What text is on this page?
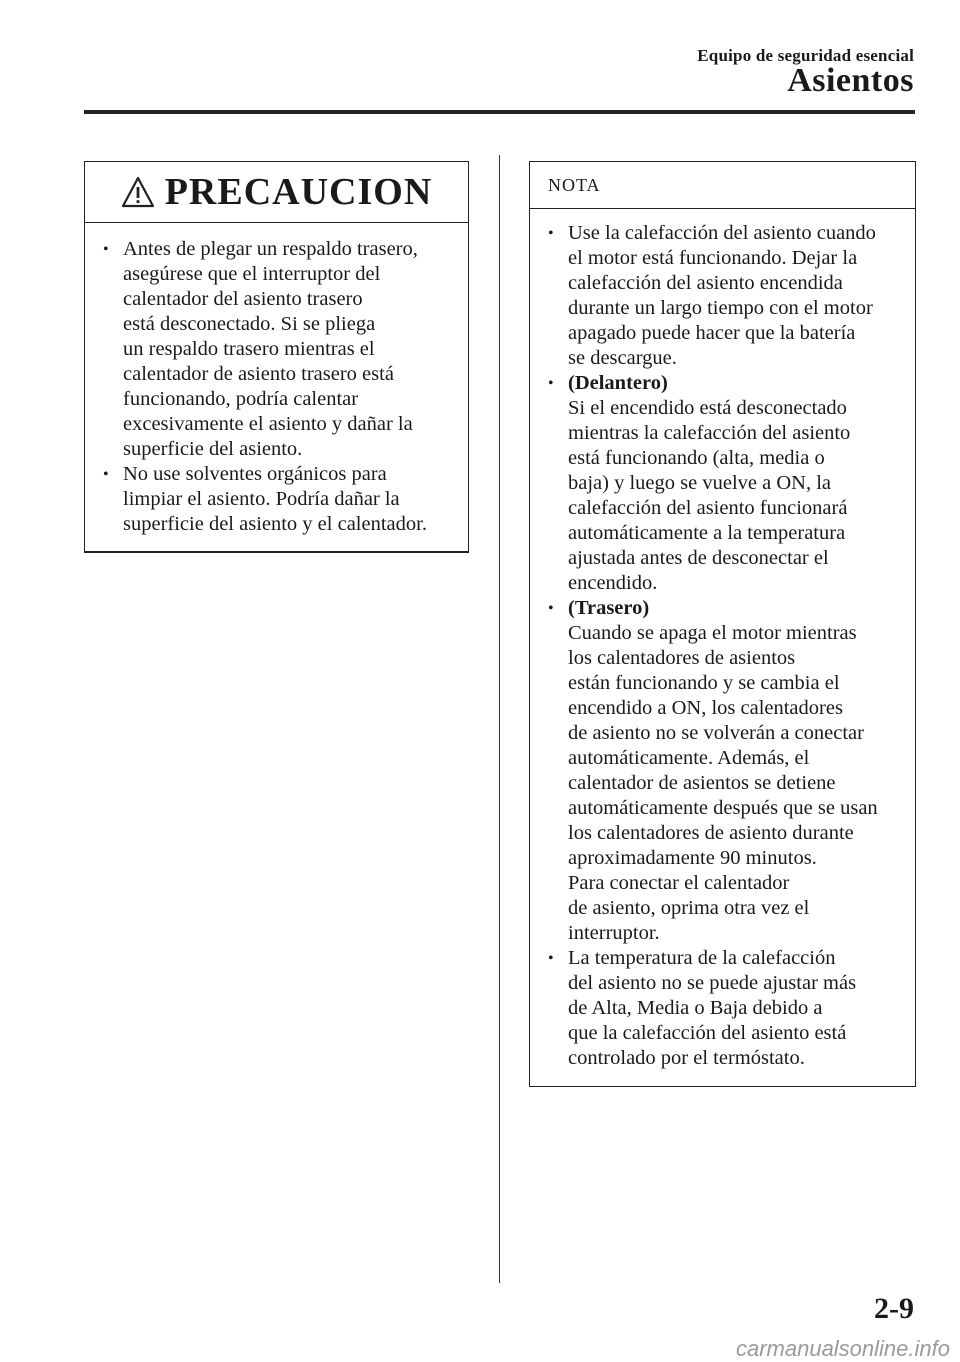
Equipo de seguridad esencial
Asientos
PRECAUCION
• Antes de plegar un respaldo trasero,
asegúrese que el interruptor del
calentador del asiento trasero
está desconectado. Si se pliega
un respaldo trasero mientras el
calentador de asiento trasero está
funcionando, podría calentar
excesivamente el asiento y dañar la
superficie del asiento.
• No use solventes orgánicos para
limpiar el asiento. Podría dañar la
superficie del asiento y el calentador.
NOTA
• Use la calefacción del asiento cuando
el motor está funcionando. Dejar la
calefacción del asiento encendida
durante un largo tiempo con el motor
apagado puede hacer que la batería
se descargue.
• (Delantero)
Si el encendido está desconectado
mientras la calefacción del asiento
está funcionando (alta, media o
baja) y luego se vuelve a ON, la
calefacción del asiento funcionará
automáticamente a la temperatura
ajustada antes de desconectar el
encendido.
• (Trasero)
Cuando se apaga el motor mientras
los calentadores de asientos
están funcionando y se cambia el
encendido a ON, los calentadores
de asiento no se volverán a conectar
automáticamente. Además, el
calentador de asientos se detiene
automáticamente después que se usan
los calentadores de asiento durante
aproximadamente 90 minutos.
Para conectar el calentador
de asiento, oprima otra vez el
interruptor.
• La temperatura de la calefacción
del asiento no se puede ajustar más
de Alta, Media o Baja debido a
que la calefacción del asiento está
controlado por el termóstato.
2-9
carmanualsonline.info
